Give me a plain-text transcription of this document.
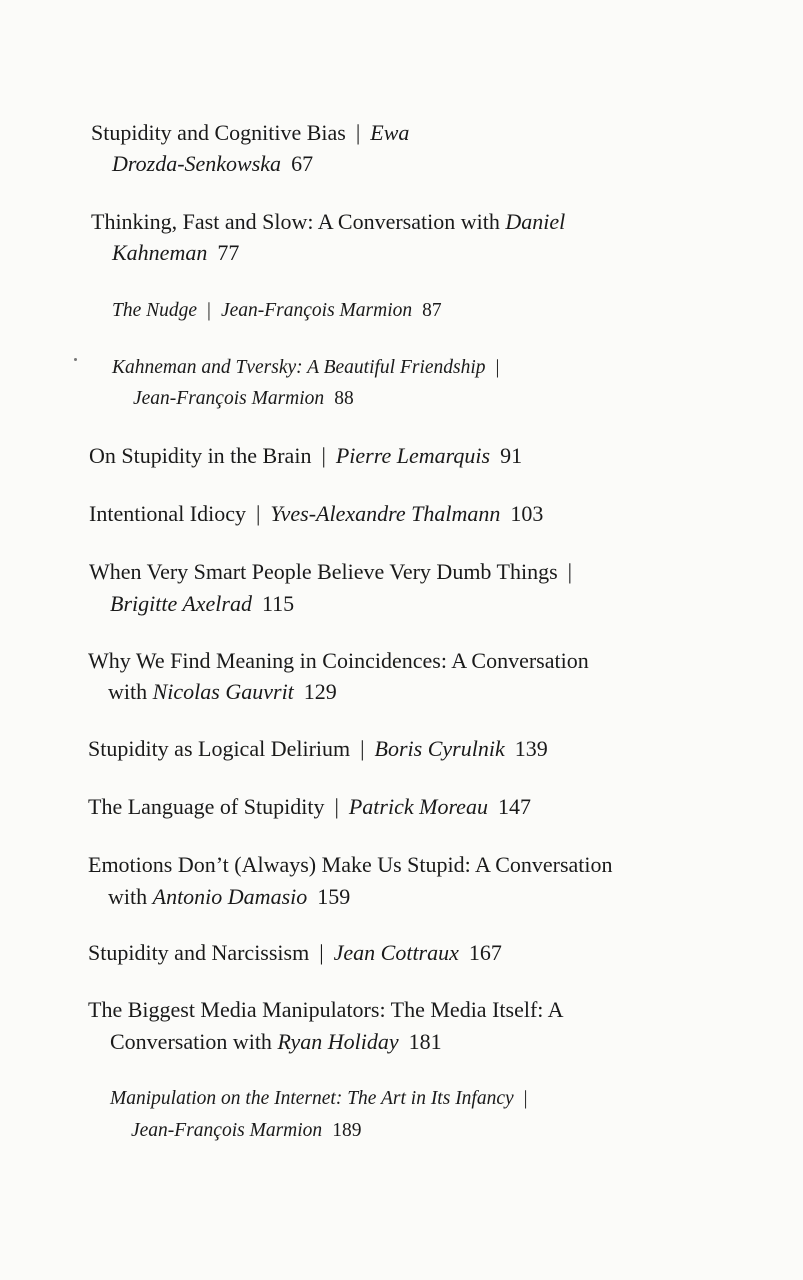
Stupidity and Cognitive Bias | Ewa
Drozda-Senkowska 67
Thinking, Fast and Slow: A Conversation with Daniel
Kahneman 77
The Nudge | Jean-François Marmion 87
Kahneman and Tversky: A Beautiful Friendship |
Jean-François Marmion 88
On Stupidity in the Brain | Pierre Lemarquis 91
Intentional Idiocy | Yves-Alexandre Thalmann 103
When Very Smart People Believe Very Dumb Things |
Brigitte Axelrad 115
Why We Find Meaning in Coincidences: A Conversation
with Nicolas Gauvrit 129
Stupidity as Logical Delirium | Boris Cyrulnik 139
The Language of Stupidity | Patrick Moreau 147
Emotions Don’t (Always) Make Us Stupid: A Conversation
with Antonio Damasio 159
Stupidity and Narcissism | Jean Cottraux 167
The Biggest Media Manipulators: The Media Itself: A
Conversation with Ryan Holiday 181
Manipulation on the Internet: The Art in Its Infancy |
Jean-François Marmion 189
